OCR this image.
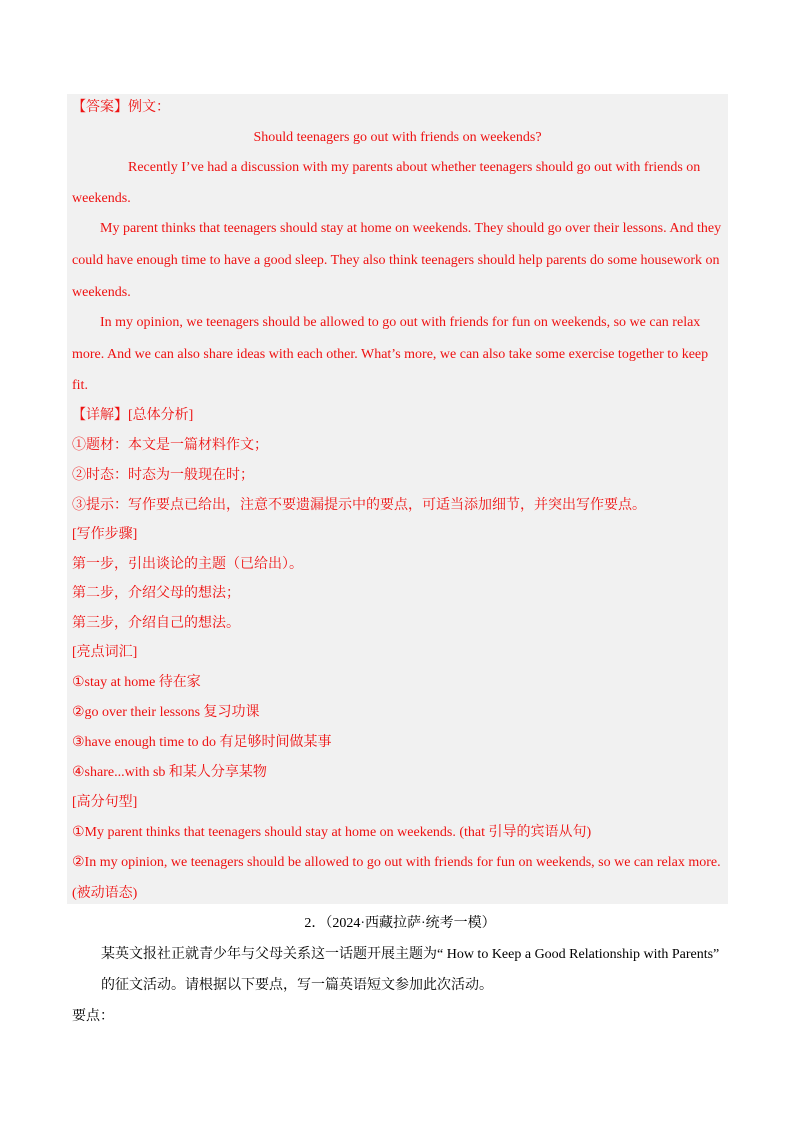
【答案】例文：
Should teenagers go out with friends on weekends?
Recently I’ve had a discussion with my parents about whether teenagers should go out with friends on
weekends.
My parent thinks that teenagers should stay at home on weekends. They should go over their lessons. And they
could have enough time to have a good sleep. They also think teenagers should help parents do some housework on
weekends.
In my opinion, we teenagers should be allowed to go out with friends for fun on weekends, so we can relax
more. And we can also share ideas with each other. What’s more, we can also take some exercise together to keep
fit.
【详解】[总体分析]
①题材：本文是一篇材料作文；
②时态：时态为一般现在时；
③提示：写作要点已给出，注意不要遗漏提示中的要点，可适当添加细节，并突出写作要点。
[写作步骤]
第一步，引出谈论的主题（已给出）。
第二步，介绍父母的想法；
第三步，介绍自己的想法。
[亮点词汇]
①stay at home 待在家
②go over their lessons 复习功课
③have enough time to do 有足够时间做某事
④share...with sb 和某人分享某物
[高分句型]
①My parent thinks that teenagers should stay at home on weekends. (that 引导的宾语从句)
②In my opinion, we teenagers should be allowed to go out with friends for fun on weekends, so we can relax more.
(被动语态)
2．（2024·西藏拉萨·统考一模）
某英文报社正就青少年与父母关系这一话题开展主题为“ How to Keep a Good Relationship with Parents”
的征文活动。请根据以下要点，写一篇英语短文参加此次活动。
要点：
